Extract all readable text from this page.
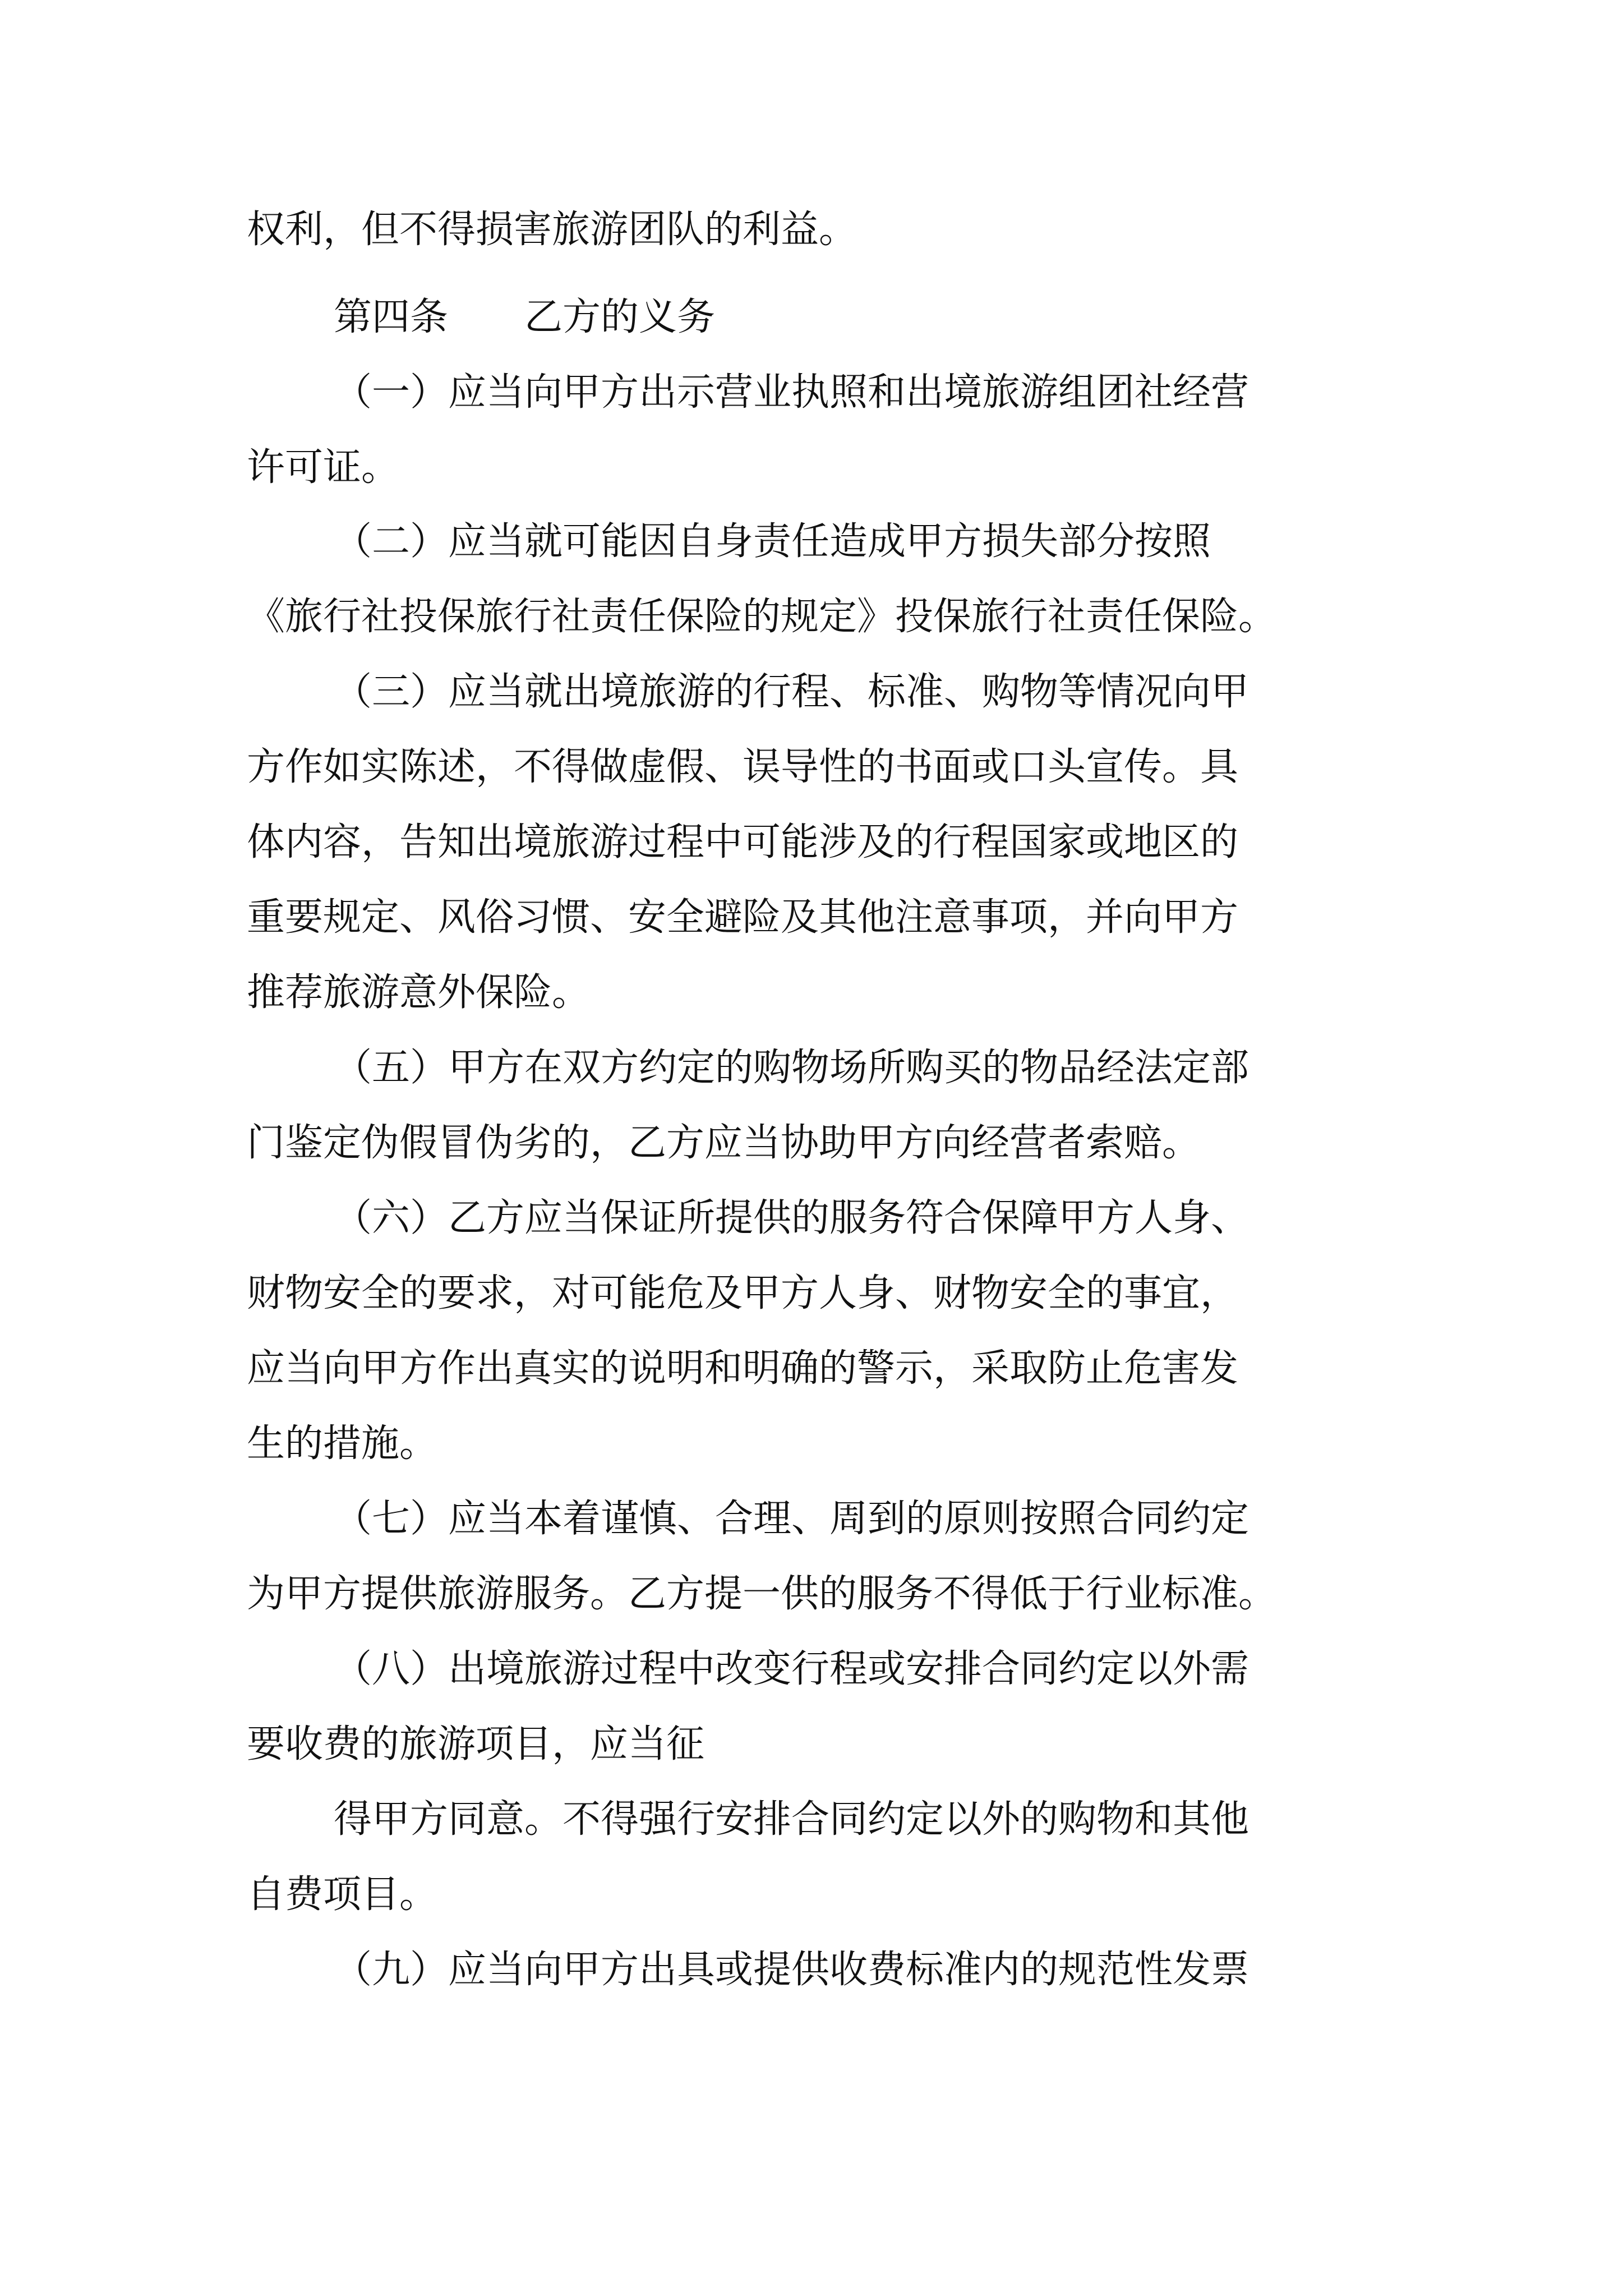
权利，但不得损害旅游团队的利益。
第四条　　乙方的义务
（一）应当向甲方出示营业执照和出境旅游组团社经营
许可证。
（二）应当就可能因自身责任造成甲方损失部分按照
《旅行社投保旅行社责任保险的规定》投保旅行社责任保险。
（三）应当就出境旅游的行程、标准、购物等情况向甲
方作如实陈述，不得做虚假、误导性的书面或口头宣传。具
体内容，告知出境旅游过程中可能涉及的行程国家或地区的
重要规定、风俗习惯、安全避险及其他注意事项，并向甲方
推荐旅游意外保险。
（五）甲方在双方约定的购物场所购买的物品经法定部
门鉴定伪假冒伪劣的，乙方应当协助甲方向经营者索赔。
（六）乙方应当保证所提供的服务符合保障甲方人身、
财物安全的要求，对可能危及甲方人身、财物安全的事宜，
应当向甲方作出真实的说明和明确的警示，采取防止危害发
生的措施。
（七）应当本着谨慎、合理、周到的原则按照合同约定
为甲方提供旅游服务。乙方提一供的服务不得低于行业标准。
（八）出境旅游过程中改变行程或安排合同约定以外需
要收费的旅游项目，应当征
得甲方同意。不得强行安排合同约定以外的购物和其他
自费项目。
（九）应当向甲方出具或提供收费标准内的规范性发票
